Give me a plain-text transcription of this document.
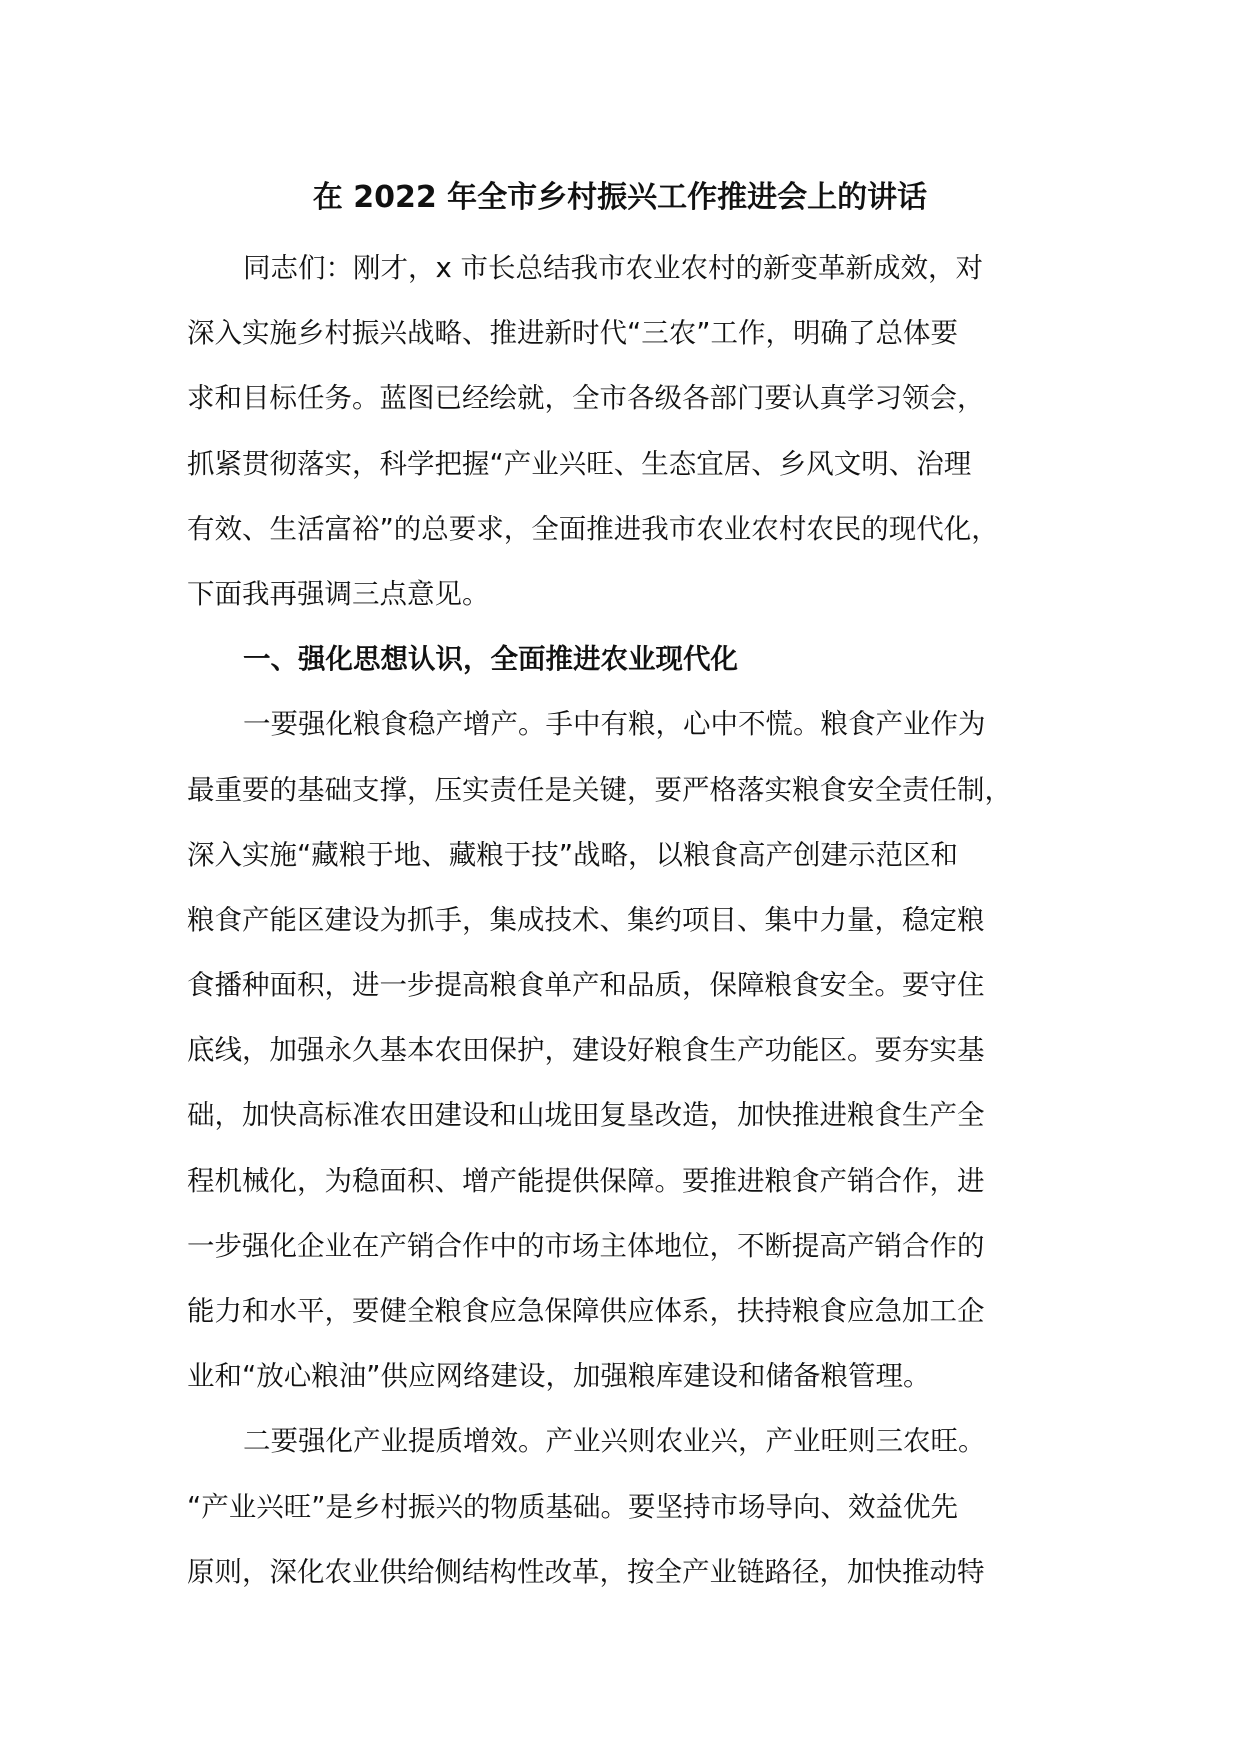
在 2022 年全市乡村振兴工作推进会上的讲话
同志们：刚才，x 市长总结我市农业农村的新变革新成效，对
深入实施乡村振兴战略、推进新时代“三农”工作，明确了总体要
求和目标任务。蓝图已经绘就，全市各级各部门要认真学习领会，
抓紧贯彻落实，科学把握“产业兴旺、生态宜居、乡风文明、治理
有效、生活富裕”的总要求，全面推进我市农业农村农民的现代化，
下面我再强调三点意见。
一、强化思想认识，全面推进农业现代化
一要强化粮食稳产增产。手中有粮，心中不慌。粮食产业作为
最重要的基础支撑，压实责任是关键，要严格落实粮食安全责任制，
深入实施“藏粮于地、藏粮于技”战略，以粮食高产创建示范区和
粮食产能区建设为抓手，集成技术、集约项目、集中力量，稳定粮
食播种面积，进一步提高粮食单产和品质，保障粮食安全。要守住
底线，加强永久基本农田保护，建设好粮食生产功能区。要夯实基
础，加快高标准农田建设和山垅田复垦改造，加快推进粮食生产全
程机械化，为稳面积、增产能提供保障。要推进粮食产销合作，进
一步强化企业在产销合作中的市场主体地位，不断提高产销合作的
能力和水平，要健全粮食应急保障供应体系，扶持粮食应急加工企
业和“放心粮油”供应网络建设，加强粮库建设和储备粮管理。
二要强化产业提质增效。产业兴则农业兴，产业旺则三农旺。
“产业兴旺”是乡村振兴的物质基础。要坚持市场导向、效益优先
原则，深化农业供给侧结构性改革，按全产业链路径，加快推动特
